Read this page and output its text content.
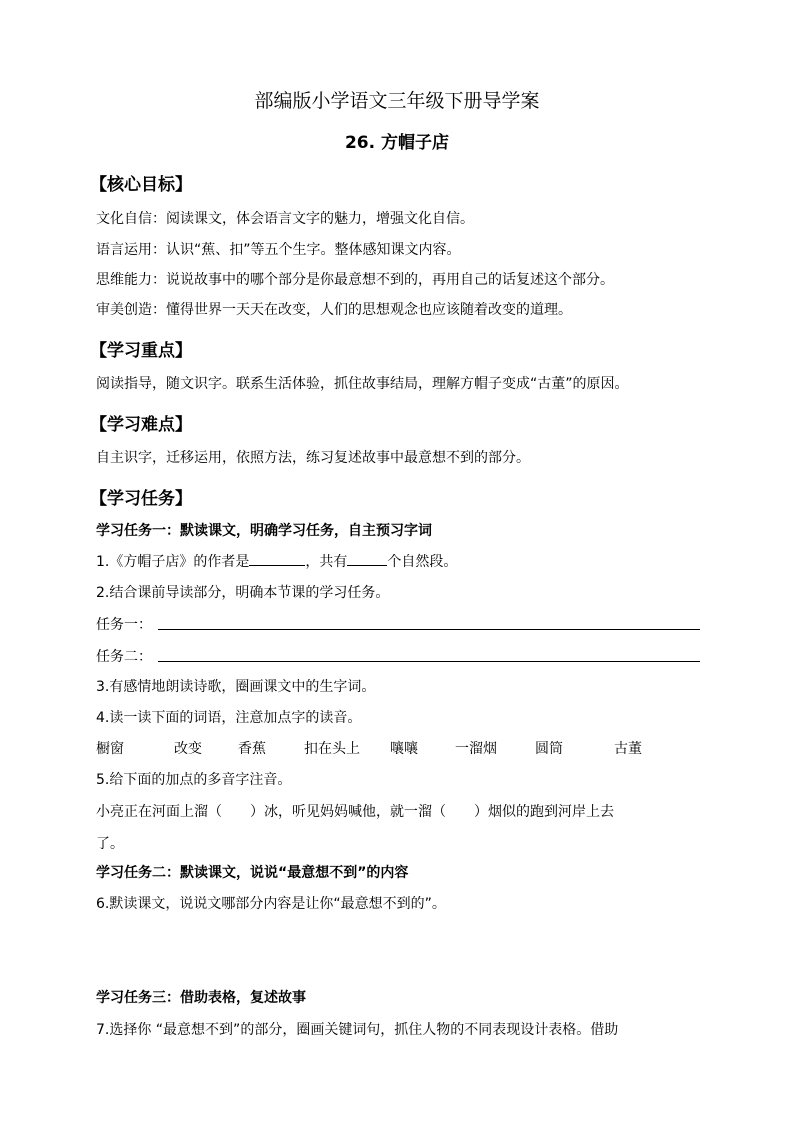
部编版小学语文三年级下册导学案
26. 方帽子店
【核心目标】
文化自信：阅读课文，体会语言文字的魅力，增强文化自信。
语言运用：认识“蕉、扣”等五个生字。整体感知课文内容。
思维能力：说说故事中的哪个部分是你最意想不到的，再用自己的话复述这个部分。
审美创造：懂得世界一天天在改变，人们的思想观念也应该随着改变的道理。
【学习重点】
阅读指导，随文识字。联系生活体验，抓住故事结局，理解方帽子变成“古董”的原因。
【学习难点】
自主识字，迁移运用，依照方法，练习复述故事中最意想不到的部分。
【学习任务】
学习任务一：默读课文，明确学习任务，自主预习字词
1.《方帽子店》的作者是	，共有	个自然段。
2.结合课前导读部分，明确本节课的学习任务。
任务一：
任务二：
3.有感情地朗读诗歌，圈画课文中的生字词。
4.读一读下面的词语，注意加点字的读音。
橱窗	改变	香蕉	扣在头上 嚷嚷	一溜烟	圆筒	古董
5.给下面的加点的多音字注音。
小亮正在河面上溜（　　）冰，听见妈妈喊他，就一溜（　　）烟似的跑到河岸上去
了。
学习任务二：默读课文，说说“最意想不到”的内容
6.默读课文，说说文哪部分内容是让你“最意想不到的”。
学习任务三：借助表格，复述故事
7.选择你 “最意想不到”的部分，圈画关键词句，抓住人物的不同表现设计表格。借助
